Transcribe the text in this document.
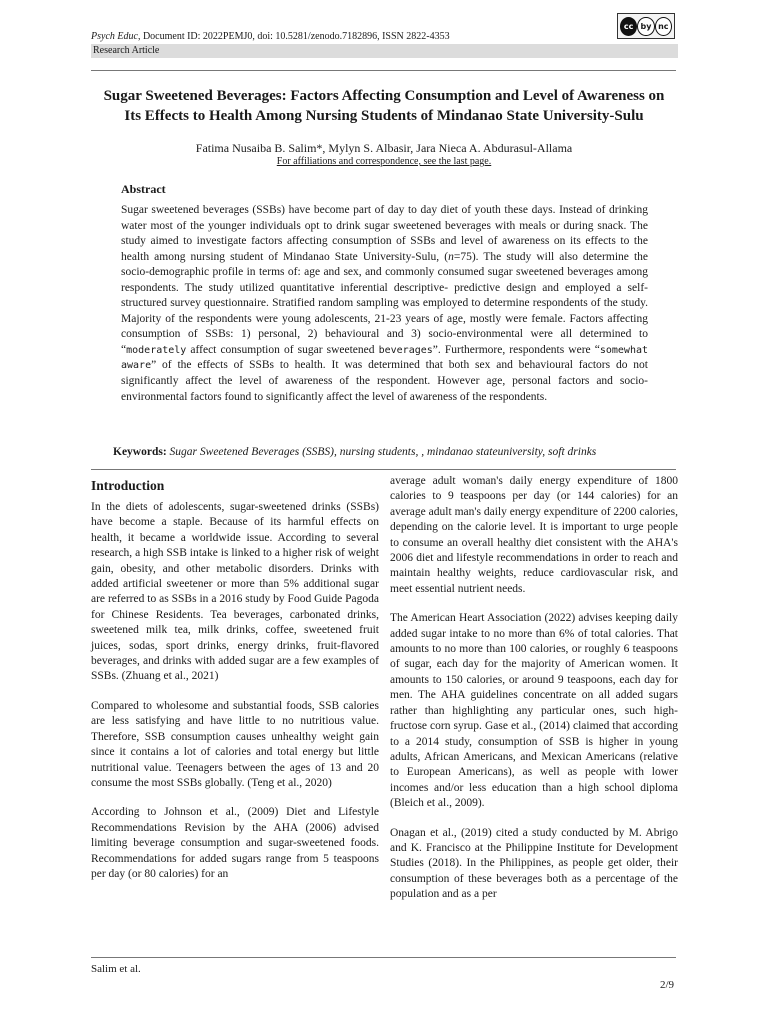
Psych Educ, Document ID: 2022PEMJ0, doi: 10.5281/zenodo.7182896, ISSN 2822-4353
cc by nc
Research Article
Sugar Sweetened Beverages: Factors Affecting Consumption and Level of Awareness on
Its Effects to Health Among Nursing Students of Mindanao State University-Sulu
Fatima Nusaiba B. Salim*, Mylyn S. Albasir, Jara Nieca A. Abdurasul-Allama
For affiliations and correspondence, see the last page.
Abstract
Sugar sweetened beverages (SSBs) have become part of day to day diet of youth these days. Instead of drinking water most of the younger individuals opt to drink sugar sweetened beverages with meals or during snack. The study aimed to investigate factors affecting consumption of SSBs and level of awareness on its effects to the health among nursing student of Mindanao State University-Sulu, (n=75). The study will also determine the socio-demographic profile in terms of: age and sex, and commonly consumed sugar sweetened beverages among respondents. The study utilized quantitative inferential descriptive- predictive design and employed a self-structured survey questionnaire. Stratified random sampling was employed to determine respondents of the study. Majority of the respondents were young adolescents, 21-23 years of age, mostly were female. Factors affecting consumption of SSBs: 1) personal, 2) behavioural and 3) socio-environmental were all determined to “moderately affect consumption of sugar sweetened beverages”. Furthermore, respondents were “somewhat aware” of the effects of SSBs to health. It was determined that both sex and behavioural factors do not significantly affect the level of awareness of the respondent. However age, personal factors and socio-environmental factors found to significantly affect the level of awareness of the respondents.
Keywords: Sugar Sweetened Beverages (SSBS), nursing students, , mindanao stateuniversity, soft drinks
Introduction

In the diets of adolescents, sugar-sweetened drinks (SSBs) have become a staple. Because of its harmful effects on health, it became a worldwide issue. According to several research, a high SSB intake is linked to a higher risk of weight gain, obesity, and other metabolic disorders. Drinks with added artificial sweetener or more than 5% additional sugar are referred to as SSBs in a 2016 study by Food Guide Pagoda for Chinese Residents. Tea beverages, carbonated drinks, sweetened milk tea, milk drinks, coffee, sweetened fruit juices, sodas, sport drinks, energy drinks, fruit-flavored beverages, and drinks with added sugar are a few examples of SSBs. (Zhuang et al., 2021)

Compared to wholesome and substantial foods, SSB calories are less satisfying and have little to no nutritious value. Therefore, SSB consumption causes unhealthy weight gain since it contains a lot of calories and total energy but little nutritional value. Teenagers between the ages of 13 and 20 consume the most SSBs globally. (Teng et al., 2020)

According to Johnson et al., (2009) Diet and Lifestyle Recommendations Revision by the AHA (2006) advised limiting beverage consumption and sugar-sweetened foods. Recommendations for added sugars range from 5 teaspoons per day (or 80 calories) for an

average adult woman's daily energy expenditure of 1800 calories to 9 teaspoons per day (or 144 calories) for an average adult man's daily energy expenditure of 2200 calories, depending on the calorie level. It is important to urge people to consume an overall healthy diet consistent with the AHA's 2006 diet and lifestyle recommendations in order to reach and maintain healthy weights, reduce cardiovascular risk, and meet essential nutrient needs.

The American Heart Association (2022) advises keeping daily added sugar intake to no more than 6% of total calories. That amounts to no more than 100 calories, or roughly 6 teaspoons of sugar, each day for the majority of American women. It amounts to 150 calories, or around 9 teaspoons, each day for men. The AHA guidelines concentrate on all added sugars rather than highlighting any particular ones, such high-fructose corn syrup. Gase et al., (2014) claimed that according to a 2014 study, consumption of SSB is higher in young adults, African Americans, and Mexican Americans (relative to European Americans), as well as people with lower incomes and/or less education than a high school diploma (Bleich et al., 2009).

Onagan et al., (2019) cited a study conducted by M. Abrigo and K. Francisco at the Philippine Institute for Development Studies (2018). In the Philippines, as people get older, their consumption of these beverages both as a percentage of the population and as a per

Salim et al.
2/9
